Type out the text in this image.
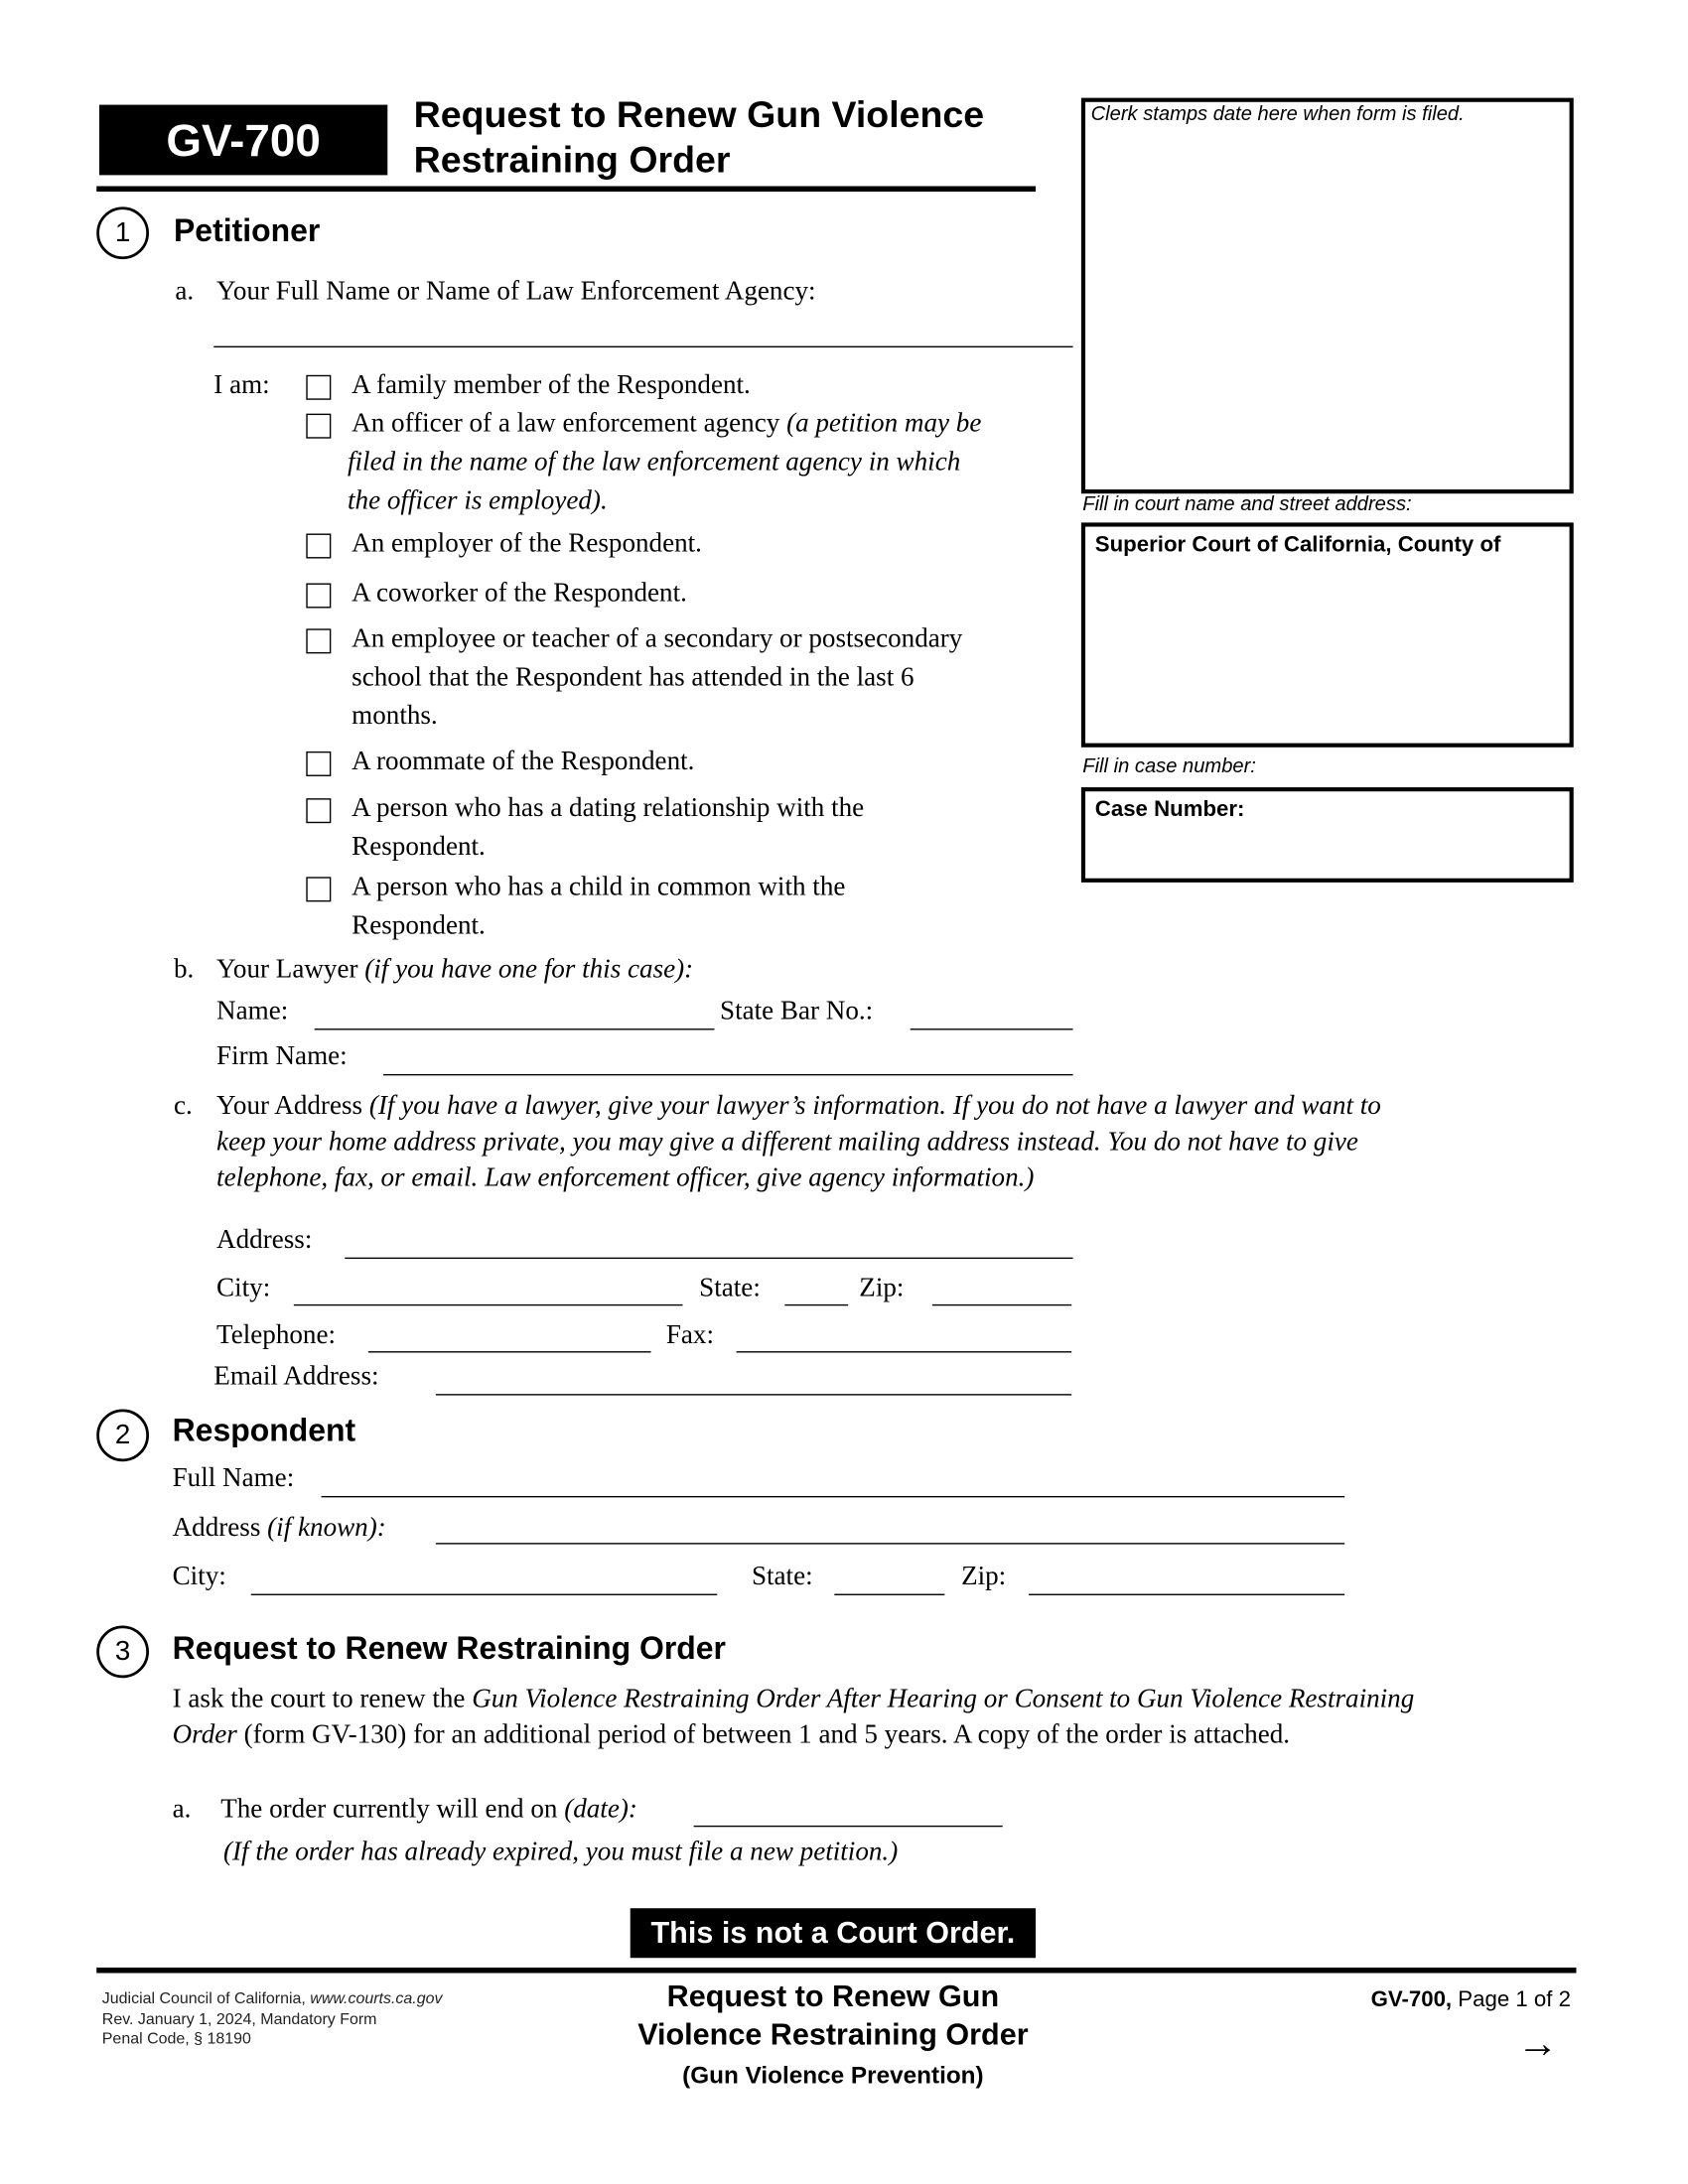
GV-700	Request to Renew Gun Violence
Restraining Order
Clerk stamps date here when form is filed.
Fill in court name and street address:
Superior Court of California, County of
Fill in case number:
Case Number:
1	Petitioner
a. Your Full Name or Name of Law Enforcement Agency:
I am:	A family member of the Respondent.
An officer of a law enforcement agency (a petition may be
filed in the name of the law enforcement agency in which
the officer is employed).
An employer of the Respondent.
A coworker of the Respondent.
An employee or teacher of a secondary or postsecondary
school that the Respondent has attended in the last 6
months.
A roommate of the Respondent.
A person who has a dating relationship with the
Respondent.
A person who has a child in common with the
Respondent.
b. Your Lawyer (if you have one for this case):
Name:	State Bar No.:
Firm Name:
c. Your Address (If you have a lawyer, give your lawyer’s information. If you do not have a lawyer and want to
keep your home address private, you may give a different mailing address instead. You do not have to give
telephone, fax, or email. Law enforcement officer, give agency information.)
Address:
City:	State:	Zip:
Telephone:	Fax:
Email Address:
2	Respondent
Full Name:
Address (if known):
City:	State:	Zip:
3	Request to Renew Restraining Order
I ask the court to renew the Gun Violence Restraining Order After Hearing or Consent to Gun Violence Restraining
Order (form GV-130) for an additional period of between 1 and 5 years. A copy of the order is attached.
a. The order currently will end on (date):
(If the order has already expired, you must file a new petition.)
This is not a Court Order.
Judicial Council of California, www.courts.ca.gov
Rev. January 1, 2024, Mandatory Form
Penal Code, § 18190
Request to Renew Gun
Violence Restraining Order
(Gun Violence Prevention)
GV-700, Page 1 of 2
→
